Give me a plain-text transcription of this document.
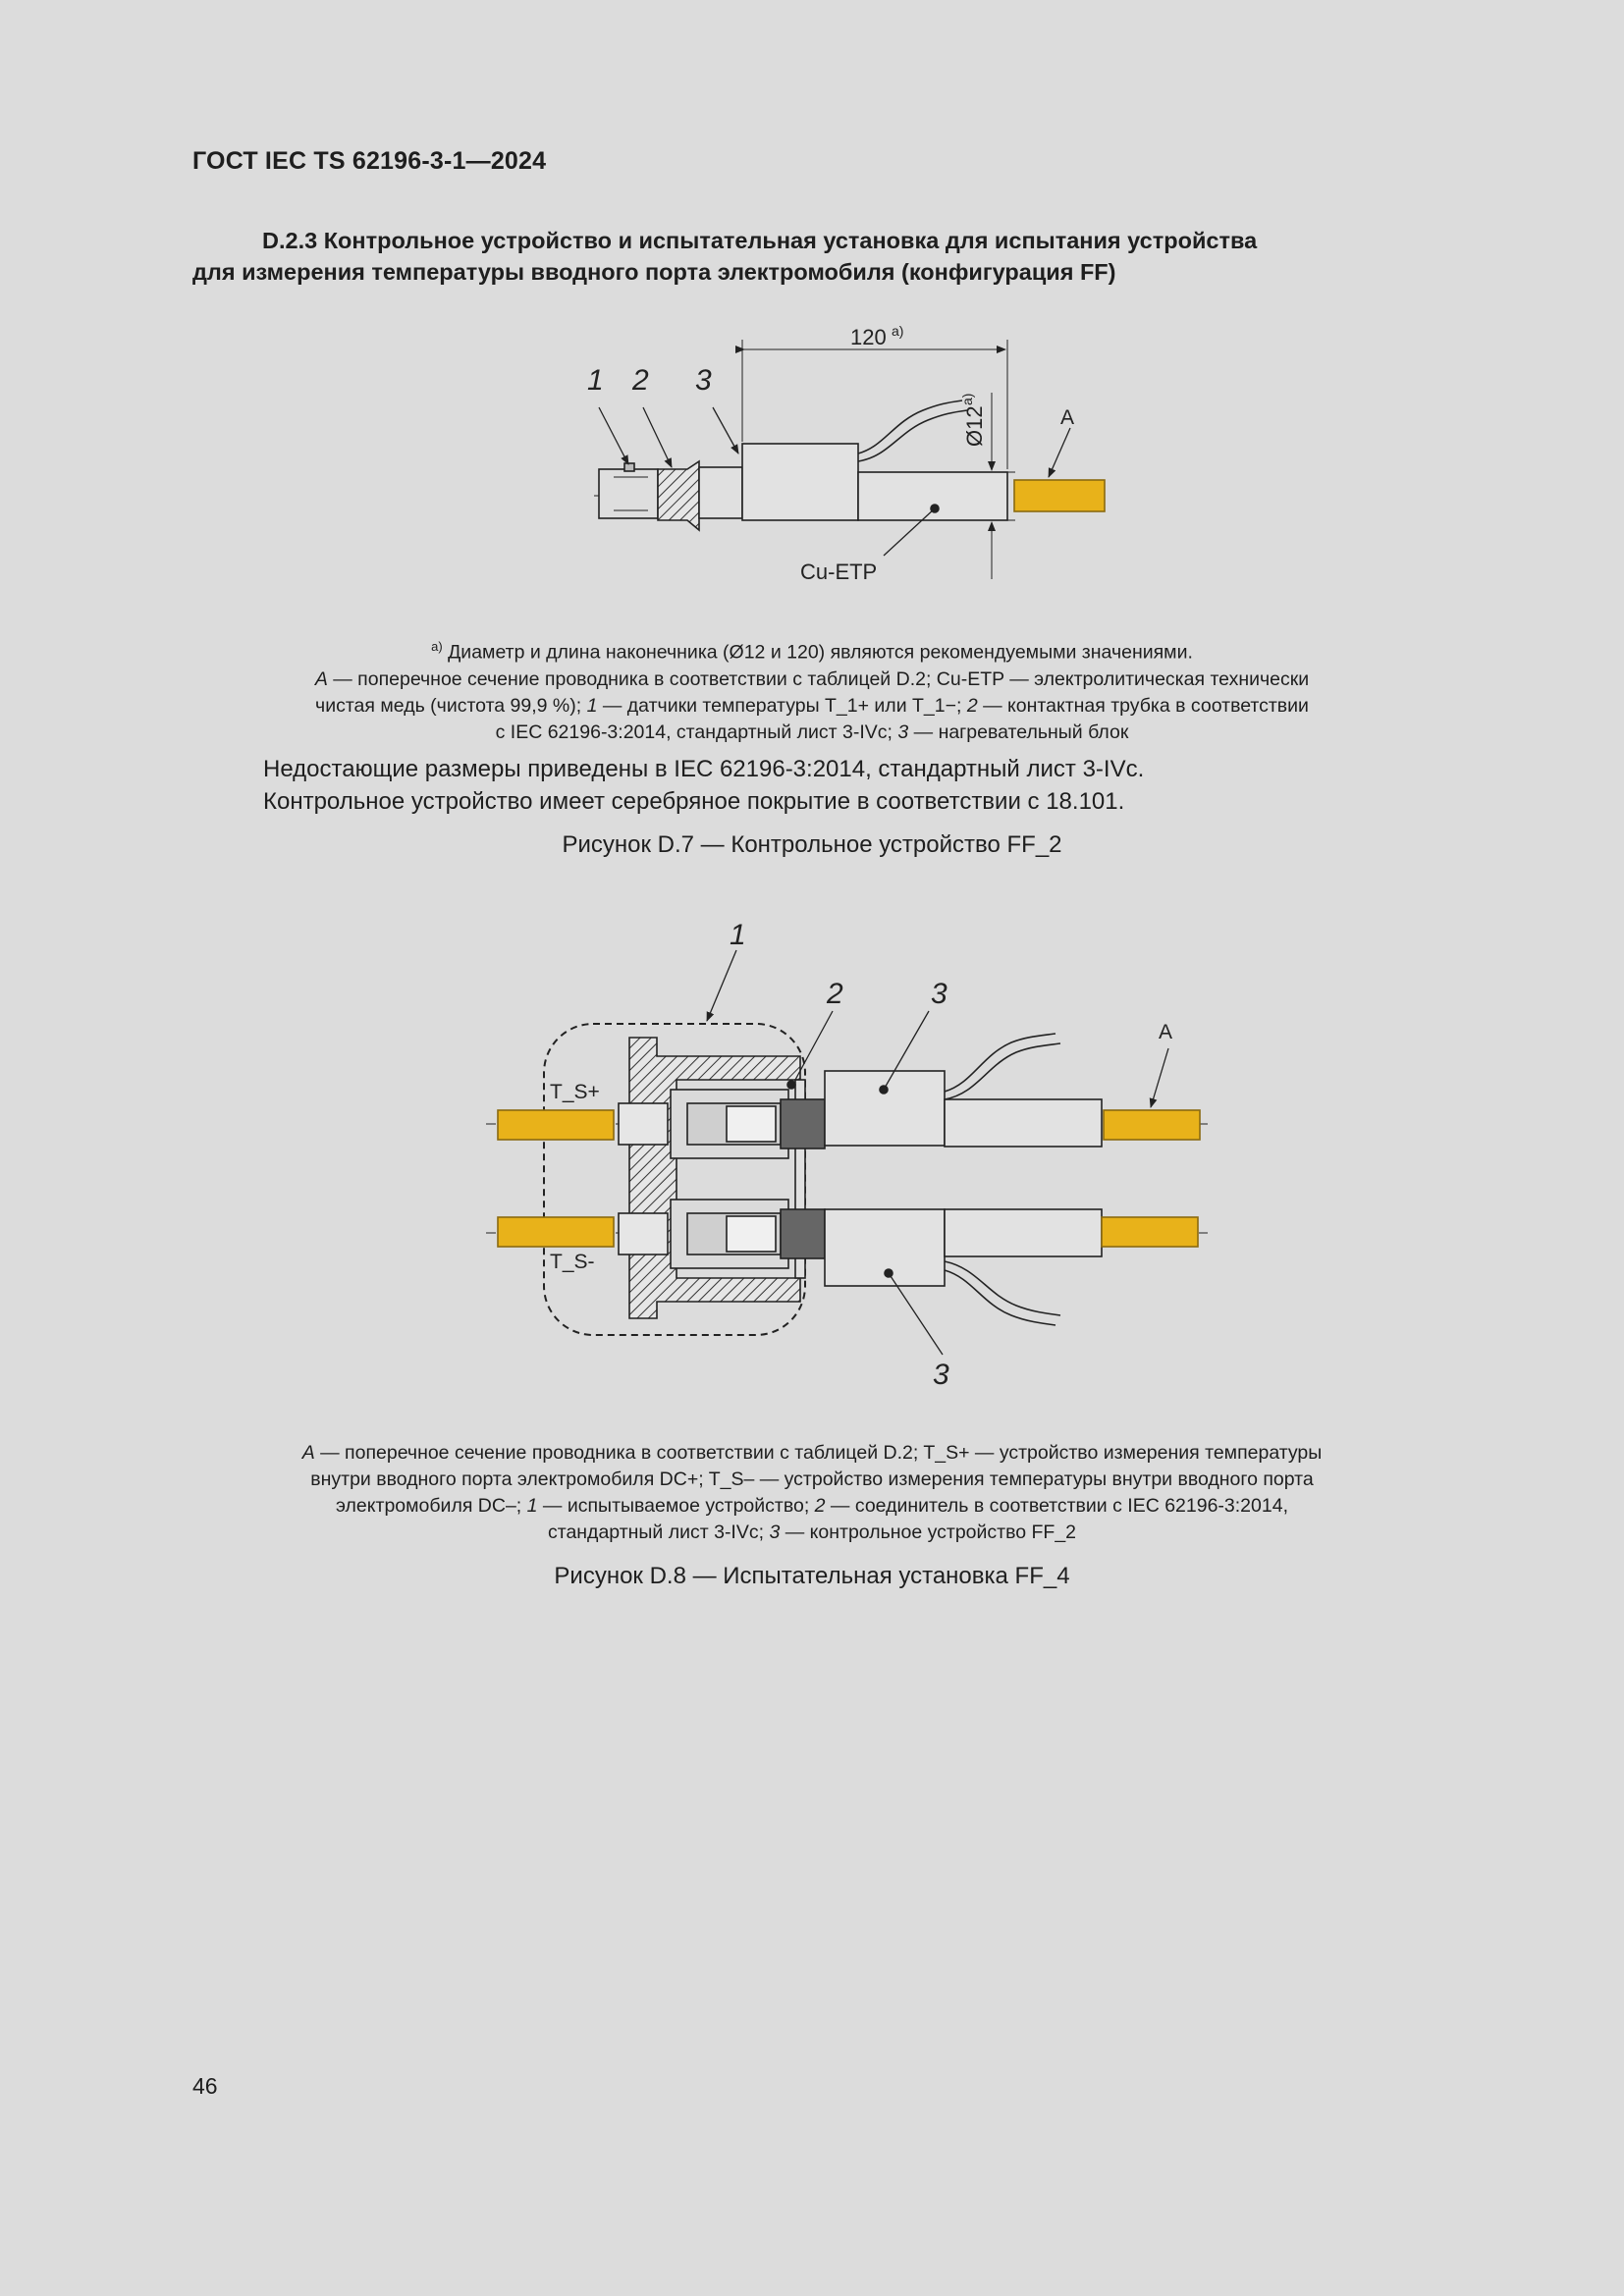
ГОСТ IEC TS 62196-3-1—2024
D.2.3 Контрольное устройство и испытательная установка для испытания устройства
для измерения температуры вводного порта электромобиля (конфигурация FF)
1 2 3
120 a)
Ø12
a)
A
Cu-ETP
1
2	3
3
A
T_S+
T_S-
$^{a)}$ Диаметр и длина наконечника (Ø12 и 120) являются рекомендуемыми значениями.
A — поперечное сечение проводника в соответствии с таблицей D.2; Cu-ETP — электролитическая технически
чистая медь (чистота 99,9 %); 1 — датчики температуры T_1+ или T_1−; 2 — контактная трубка в соответствии
с IEC 62196-3:2014, стандартный лист 3-IVc; 3 — нагревательный блок
Недостающие размеры приведены в IEC 62196-3:2014, стандартный лист 3-IVc.
Контрольное устройство имеет серебряное покрытие в соответствии с 18.101.
Рисунок D.7 — Контрольное устройство FF_2
A — поперечное сечение проводника в соответствии с таблицей D.2; T_S+ — устройство измерения температуры
внутри вводного порта электромобиля DC+; T_S– — устройство измерения температуры внутри вводного порта
электромобиля DC–; 1 — испытываемое устройство; 2 — соединитель в соответствии с IEC 62196-3:2014,
стандартный лист 3-IVc; 3 — контрольное устройство FF_2
Рисунок D.8 — Испытательная установка FF_4
46
